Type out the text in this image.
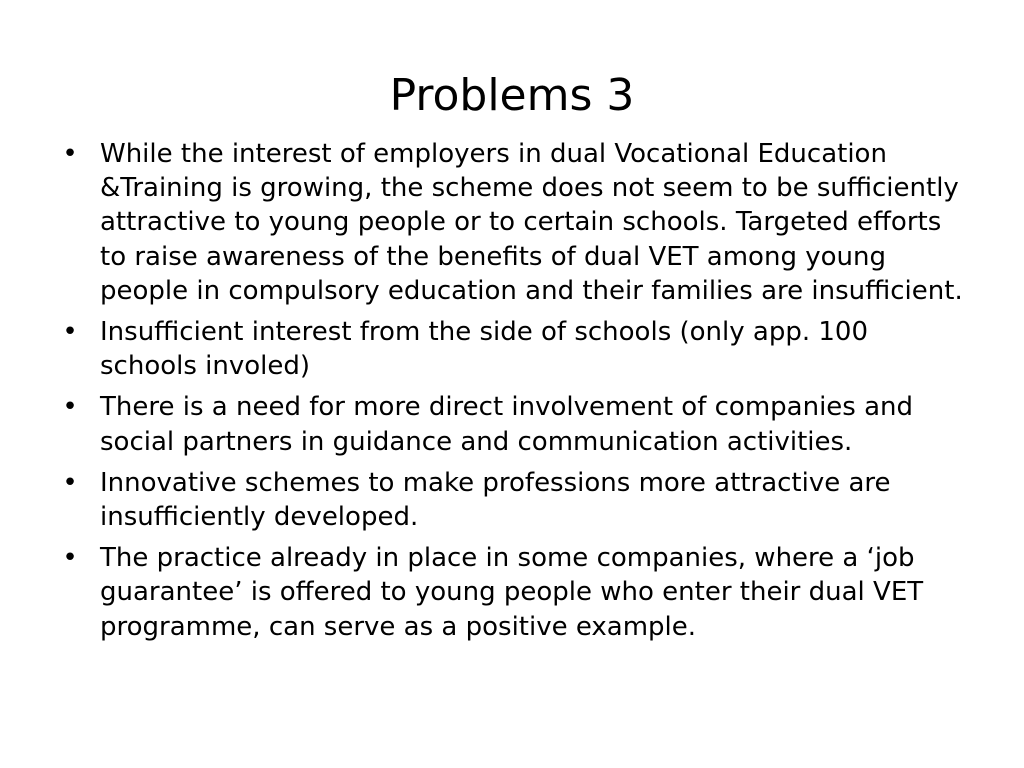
Problems 3
• While the interest of employers in dual Vocational Education &Training is growing, the scheme does not seem to be sufficiently attractive to young people or to certain schools. Targeted efforts to raise awareness of the benefits of dual VET among young people in compulsory education and their families are insufficient.
• Insufficient interest from the side of schools (only app. 100 schools involed)
• There is a need for more direct involvement of companies and social partners in guidance and communication activities.
• Innovative schemes to make professions more attractive are insufficiently developed.
• The practice already in place in some companies, where a ‘job guarantee’ is offered to young people who enter their dual VET programme, can serve as a positive example.
